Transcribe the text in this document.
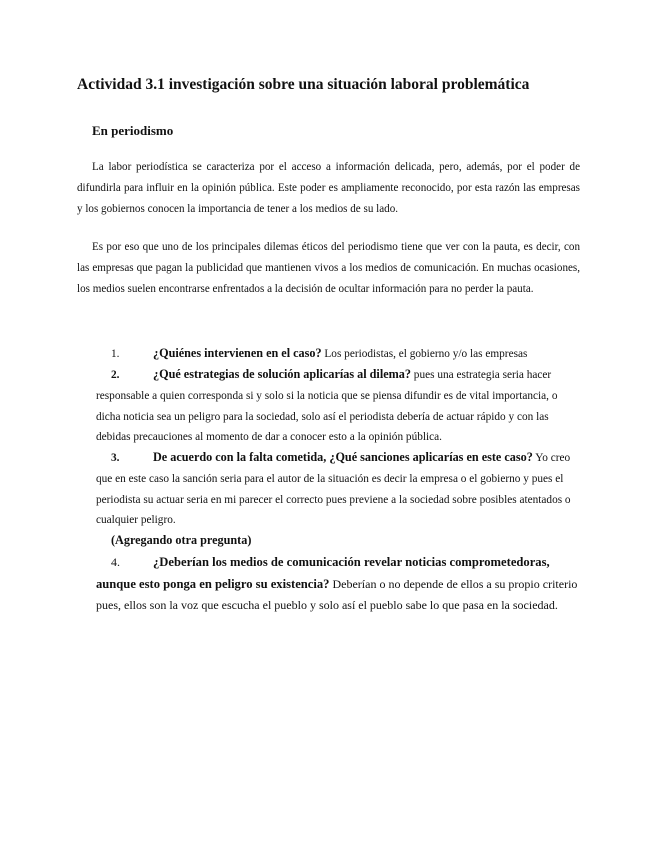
Actividad 3.1 investigación sobre una situación laboral problemática
En periodismo

La labor periodística se caracteriza por el acceso a información delicada, pero, además, por el poder de difundirla para influir en la opinión pública. Este poder es ampliamente reconocido, por esta razón las empresas y los gobiernos conocen la importancia de tener a los medios de su lado.

Es por eso que uno de los principales dilemas éticos del periodismo tiene que ver con la pauta, es decir, con las empresas que pagan la publicidad que mantienen vivos a los medios de comunicación. En muchas ocasiones, los medios suelen encontrarse enfrentados a la decisión de ocultar información para no perder la pauta.

1.	¿Quiénes intervienen en el caso? Los periodistas, el gobierno y/o las empresas

2.	¿Qué estrategias de solución aplicarías al dilema? pues una estrategia seria hacer responsable a quien corresponda si y solo si la noticia que se piensa difundir es de vital importancia, o dicha noticia sea un peligro para la sociedad, solo así el periodista debería de actuar rápido y con las debidas precauciones al momento de dar a conocer esto a la opinión pública.

3.	De acuerdo con la falta cometida, ¿Qué sanciones aplicarías en este caso? Yo creo que en este caso la sanción seria para el autor de la situación es decir la empresa o el gobierno y pues el periodista su actuar seria en mi parecer el correcto pues previene a la sociedad sobre posibles atentados o cualquier peligro.

(Agregando otra pregunta)

4.	¿Deberían los medios de comunicación revelar noticias comprometedoras, aunque esto ponga en peligro su existencia? Deberían o no depende de ellos a su propio criterio pues, ellos son la voz que escucha el pueblo y solo así el pueblo sabe lo que pasa en la sociedad.
